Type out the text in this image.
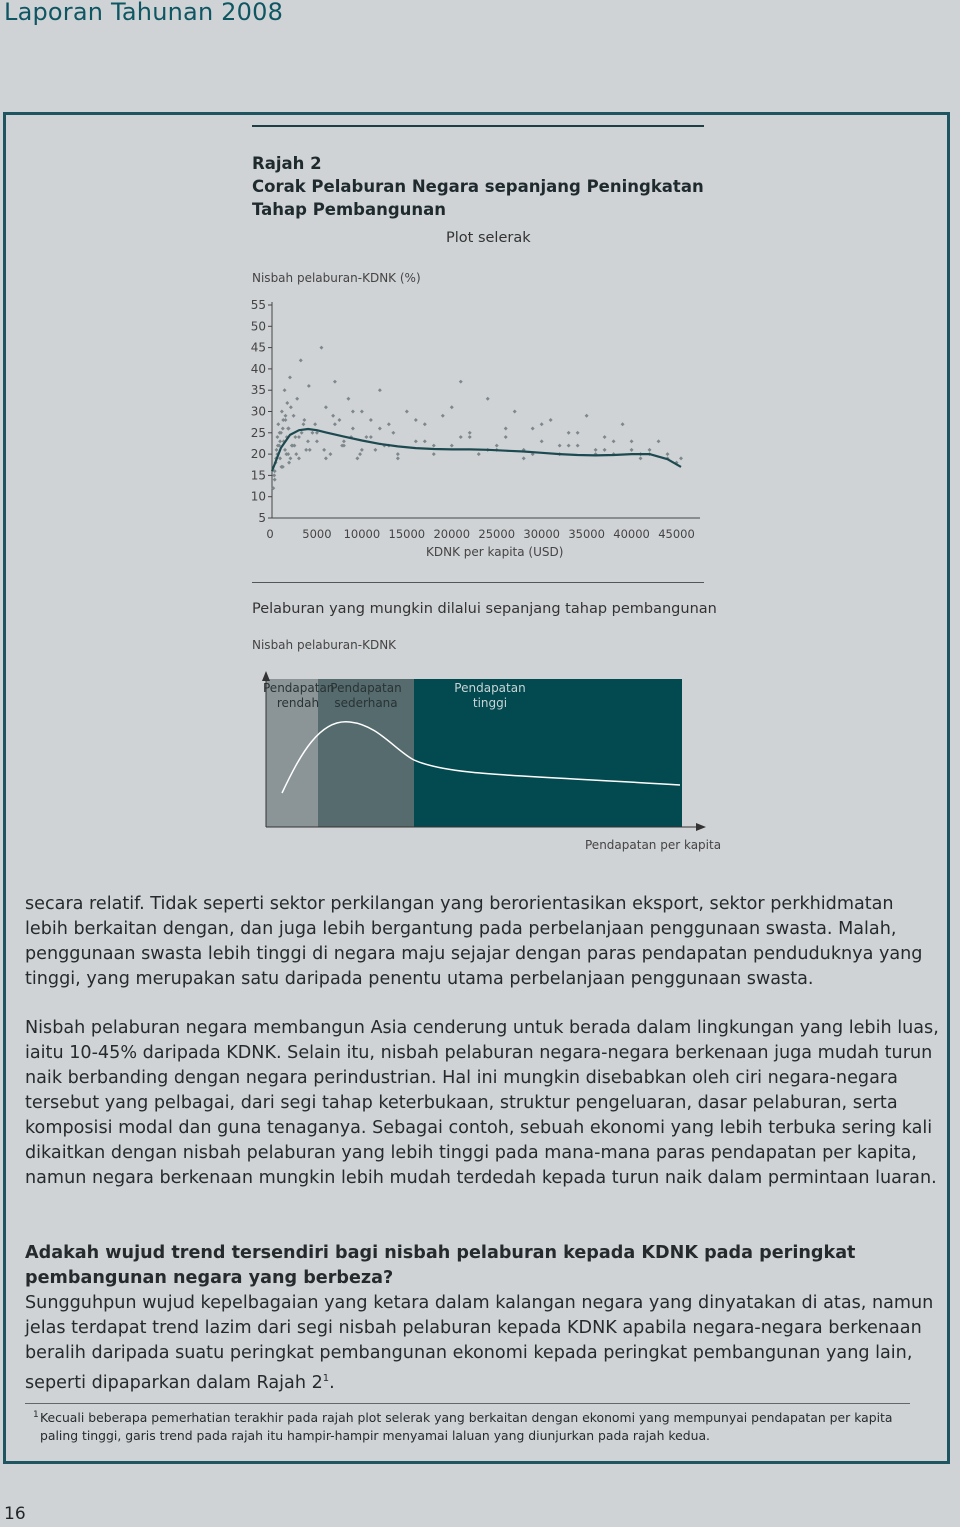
Laporan Tahunan 2008
Rajah 2
Corak Pelaburan Negara sepanjang Peningkatan Tahap Pembangunan
Plot selerak
Nisbah pelaburan-KDNK (%)
KDNK per kapita (USD)
55
50
45
40
35
30
25
20
15
10
5
0 5000 10000 15000 20000 25000 30000 35000 40000 45000
Pelaburan yang mungkin dilalui sepanjang tahap pembangunan
Nisbah pelaburan-KDNK
Pendapatan
rendah
Pendapatan
sederhana
Pendapatan
tinggi
Pendapatan per kapita

secara relatif. Tidak seperti sektor perkilangan yang berorientasikan eksport, sektor perkhidmatan lebih berkaitan dengan, dan juga lebih bergantung pada perbelanjaan penggunaan swasta. Malah, penggunaan swasta lebih tinggi di negara maju sejajar dengan paras pendapatan penduduknya yang tinggi, yang merupakan satu daripada penentu utama perbelanjaan penggunaan swasta.

Nisbah pelaburan negara membangun Asia cenderung untuk berada dalam lingkungan yang lebih luas, iaitu 10-45% daripada KDNK. Selain itu, nisbah pelaburan negara-negara berkenaan juga mudah turun naik berbanding dengan negara perindustrian. Hal ini mungkin disebabkan oleh ciri negara-negara tersebut yang pelbagai, dari segi tahap keterbukaan, struktur pengeluaran, dasar pelaburan, serta komposisi modal dan guna tenaganya. Sebagai contoh, sebuah ekonomi yang lebih terbuka sering kali dikaitkan dengan nisbah pelaburan yang lebih tinggi pada mana-mana paras pendapatan per kapita, namun negara berkenaan mungkin lebih mudah terdedah kepada turun naik dalam permintaan luaran.

Adakah wujud trend tersendiri bagi nisbah pelaburan kepada KDNK pada peringkat pembangunan negara yang berbeza?

Sungguhpun wujud kepelbagaian yang ketara dalam kalangan negara yang dinyatakan di atas, namun jelas terdapat trend lazim dari segi nisbah pelaburan kepada KDNK apabila negara-negara berkenaan beralih daripada suatu peringkat pembangunan ekonomi kepada peringkat pembangunan yang lain, seperti dipaparkan dalam Rajah $2^1$.

1 Kecuali beberapa pemerhatian terakhir pada rajah plot selerak yang berkaitan dengan ekonomi yang mempunyai pendapatan per kapita paling tinggi, garis trend pada rajah itu hampir-hampir menyamai laluan yang diunjurkan pada rajah kedua.
16
